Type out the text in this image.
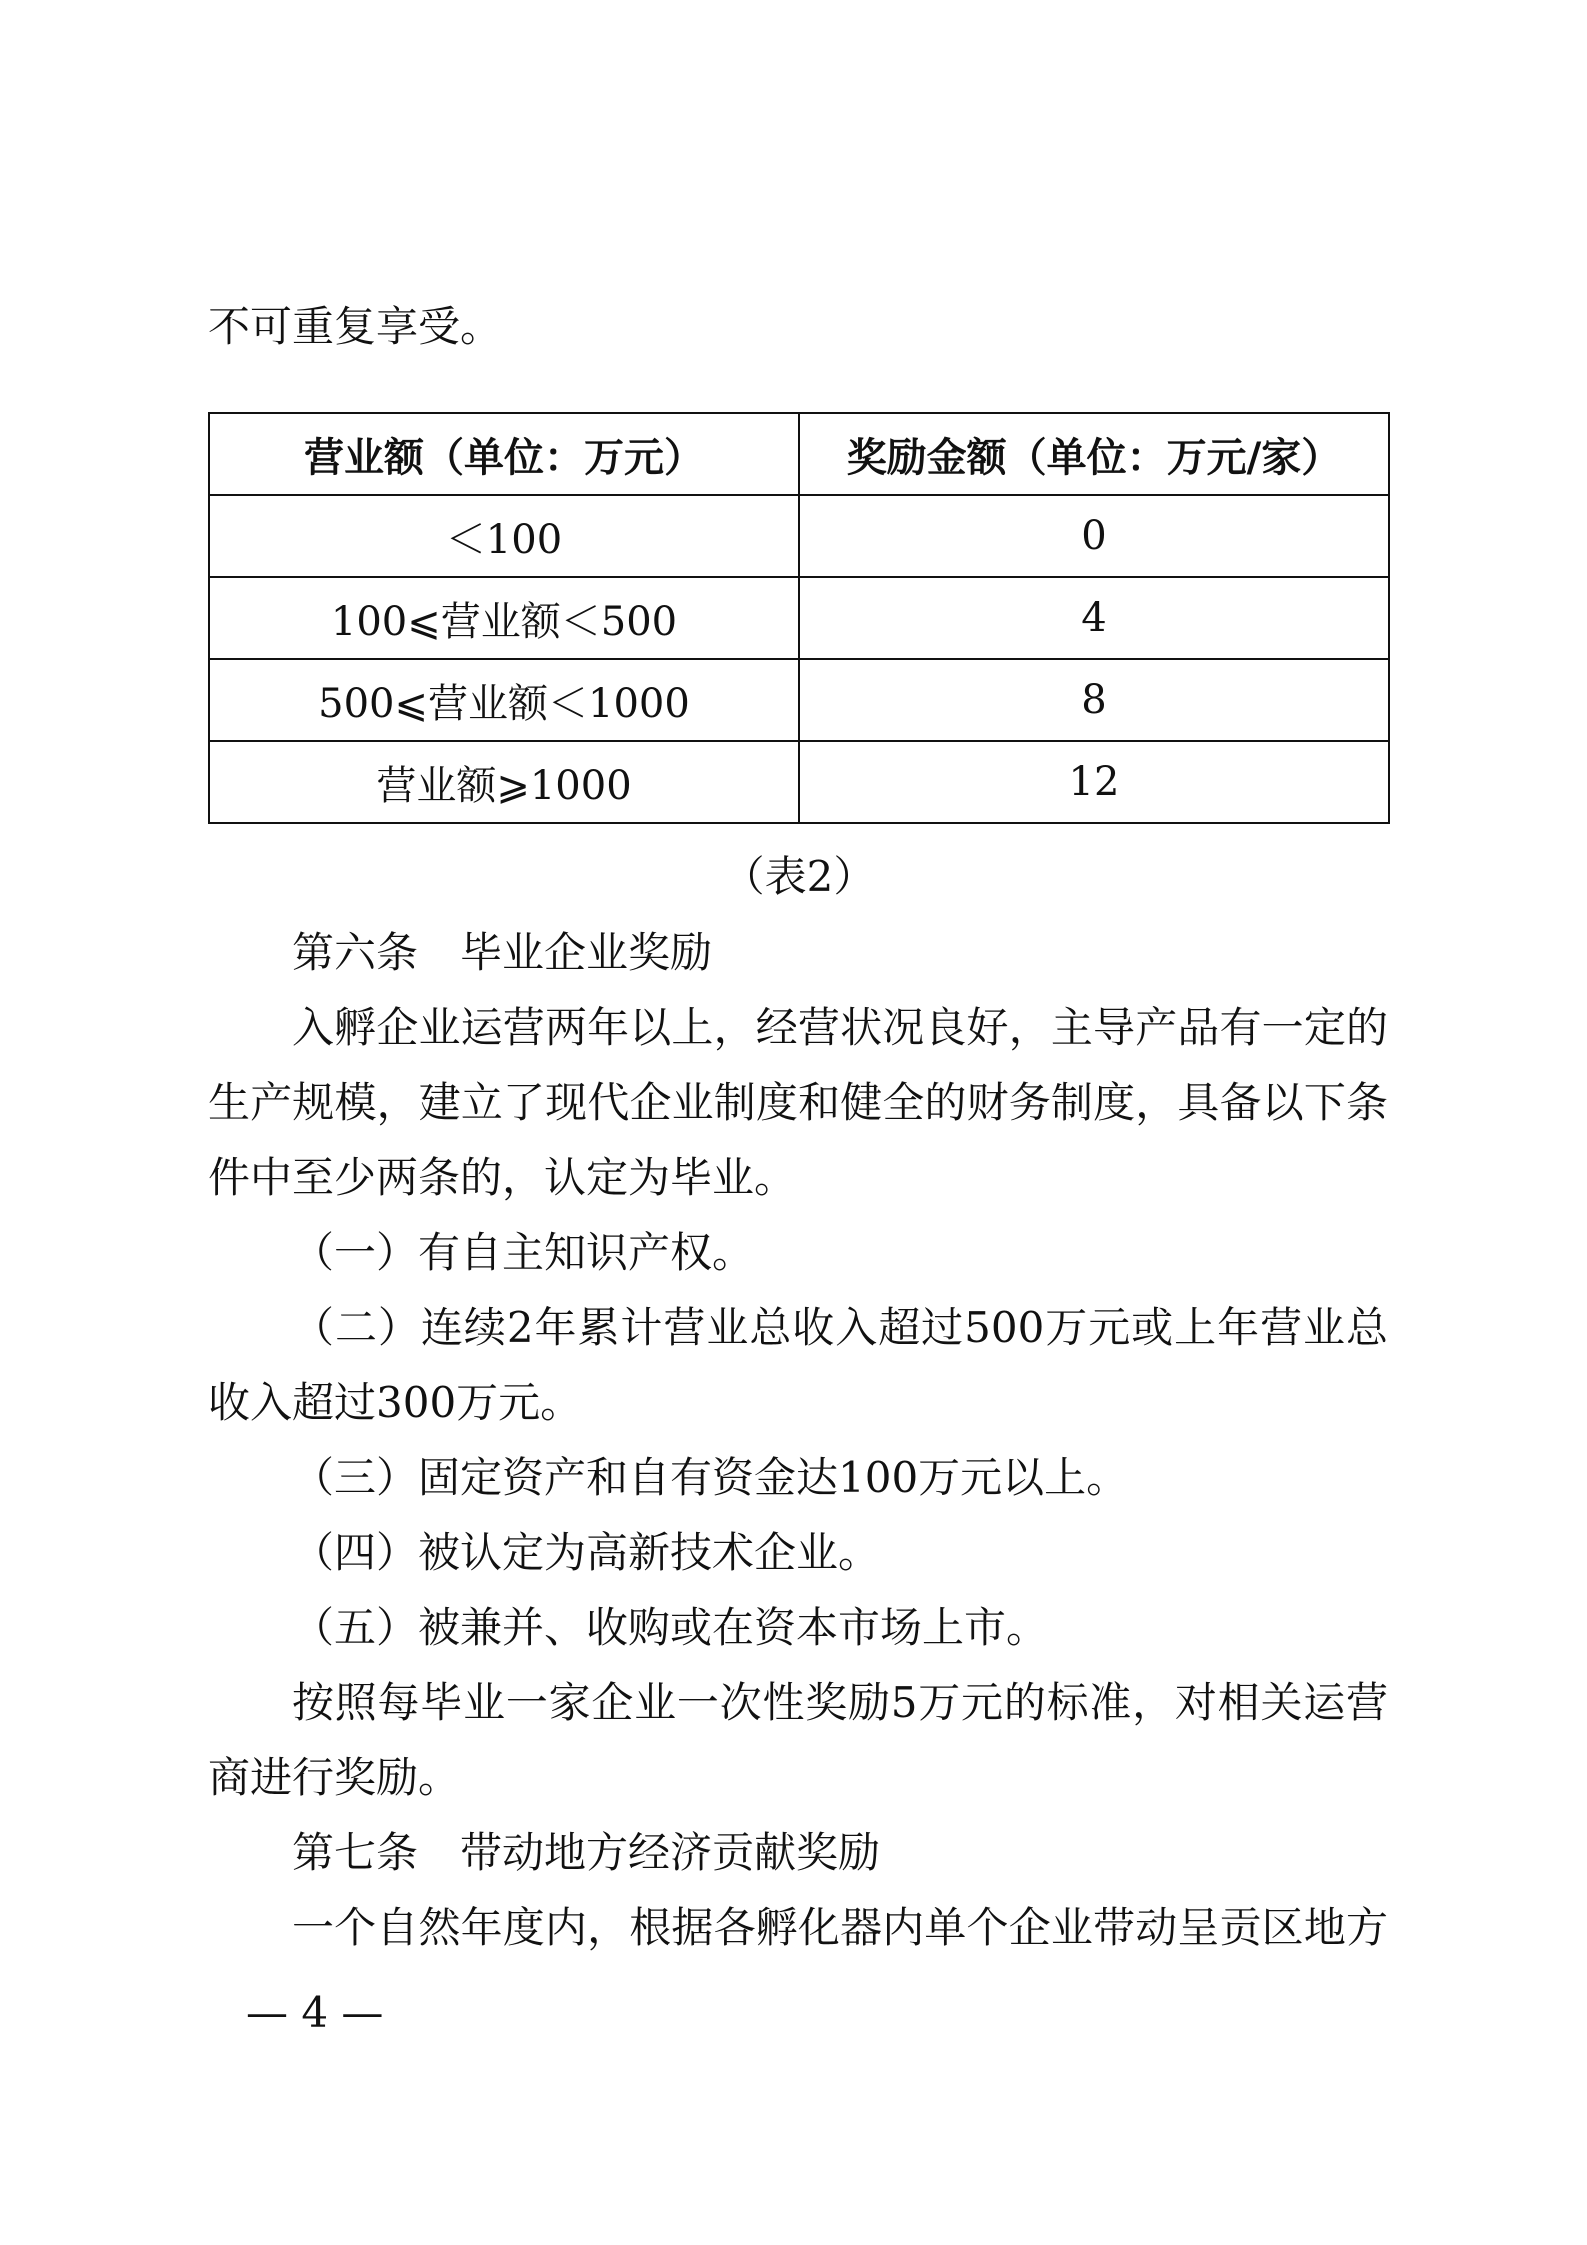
不可重复享受。
营业额（单位：万元）	奖励金额（单位：万元/家）
＜100	0
100⩽营业额＜500	4
500⩽营业额＜1000	8
营业额⩾1000	12
（表2）
第六条　毕业企业奖励
入孵企业运营两年以上，经营状况良好，主导产品有一定的
生产规模，建立了现代企业制度和健全的财务制度，具备以下条
件中至少两条的，认定为毕业。
（一）有自主知识产权。
（二）连续2年累计营业总收入超过500万元或上年营业总
收入超过300万元。
（三）固定资产和自有资金达100万元以上。
（四）被认定为高新技术企业。
（五）被兼并、收购或在资本市场上市。
按照每毕业一家企业一次性奖励5万元的标准，对相关运营
商进行奖励。
第七条　带动地方经济贡献奖励
一个自然年度内，根据各孵化器内单个企业带动呈贡区地方
— 4 —
